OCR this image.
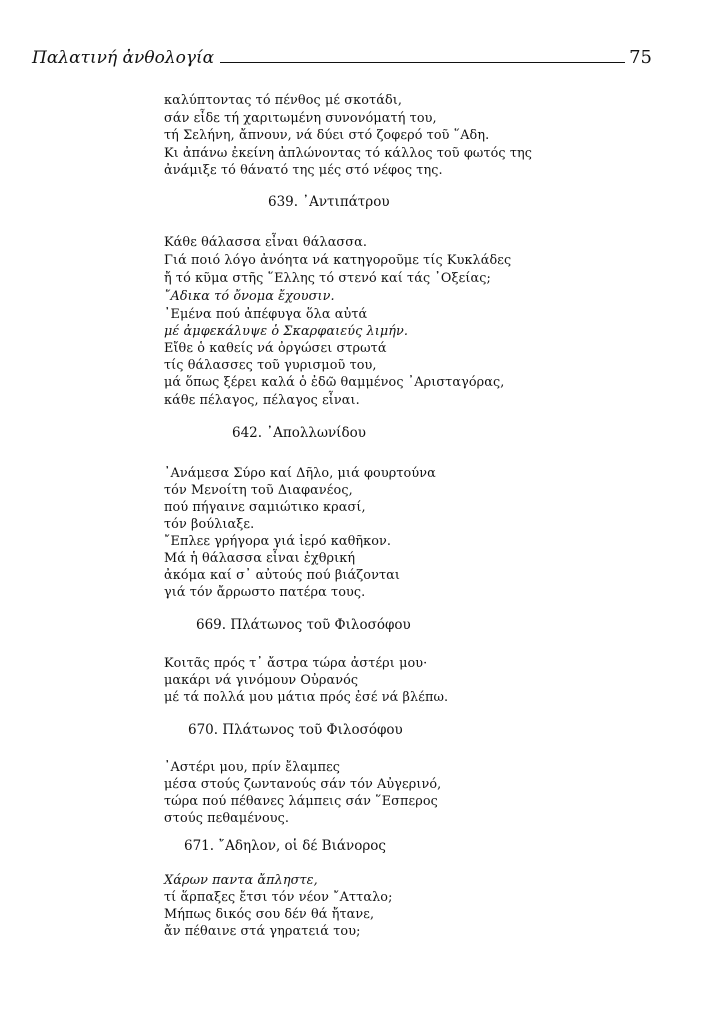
Παλατινή ἀνθολογία	75
καλύπτοντας τό πένθος μέ σκοτάδι,
σάν εἶδε τή χαριτωμένη συνονόματή του,
τή Σελήνη, ἄπνουν, νά δύει στό ζοφερό τοῦ ῞Αδη.
Κι ἀπάνω ἐκείνη ἀπλώνοντας τό κάλλος τοῦ φωτός της
ἀνάμιξε τό θάνατό της μές στό νέφος της.
639. ᾿Αντιπάτρου
Κάθε θάλασσα εἶναι θάλασσα.
Γιά ποιό λόγο ἀνόητα νά κατηγοροῦμε τίς Κυκλάδες
ἤ τό κῦμα στῆς ῞Ελλης τό στενό καί τάς ᾿Οξείας;
῎Αδικα τό ὄνομα ἔχουσιν.
᾿Εμένα πού ἀπέφυγα ὅλα αὐτά
μέ ἀμφεκάλυψε ὁ Σκαρφαιεύς λιμήν.
Εἴθε ὁ καθείς νά ὀργώσει στρωτά
τίς θάλασσες τοῦ γυρισμοῦ του,
μά ὅπως ξέρει καλά ὁ ἐδῶ θαμμένος ᾿Αρισταγόρας,
κάθε πέλαγος, πέλαγος εἶναι.
642. ᾿Απολλωνίδου
᾿Ανάμεσα Σύρο καί Δῆλο, μιά φουρτούνα
τόν Μενοίτη τοῦ Διαφανέος,
πού πήγαινε σαμιώτικο κρασί,
τόν βούλιαξε.
῎Επλεε γρήγορα γιά ἱερό καθῆκον.
Μά ἡ θάλασσα εἶναι ἐχθρική
ἀκόμα καί σ᾿ αὐτούς πού βιάζονται
γιά τόν ἄρρωστο πατέρα τους.
669. Πλάτωνος τοῦ Φιλοσόφου
Κοιτᾶς πρός τ᾿ ἄστρα τώρα ἀστέρι μου·
μακάρι νά γινόμουν Οὐρανός
μέ τά πολλά μου μάτια πρός ἐσέ νά βλέπω.
670. Πλάτωνος τοῦ Φιλοσόφου
᾿Αστέρι μου, πρίν ἔλαμπες
μέσα στούς ζωντανούς σάν τόν Αὐγερινό,
τώρα πού πέθανες λάμπεις σάν ῞Εσπερος
στούς πεθαμένους.
671. ῎Αδηλον, οἱ δέ Βιάνορος
Χάρων παντα ἄπληστε,
τί ἅρπαξες ἔτσι τόν νέον ῎Ατταλο;
Μήπως δικός σου δέν θά ἤτανε,
ἄν πέθαινε στά γηρατειά του;
